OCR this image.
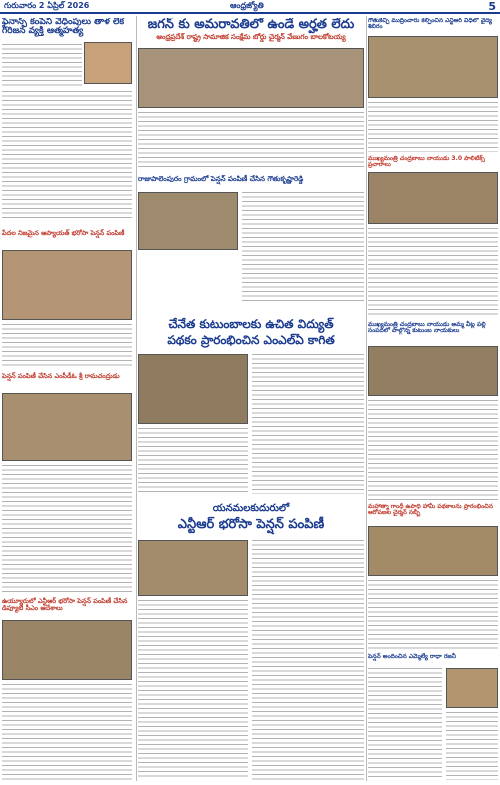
గురువారం 2 ఏప్రిల్ 2026	ఆంధ్రజ్యోతి	5
ఫైనాన్స్ కంపెనీ వేధింపులు తాళ లేక గిరిజన వ్యక్తి ఆత్మహత్య
పేదల నిజమైన ఆప్యాయత్ భరోసా పెన్షన్ పంపిణీ
పెన్షన్ పంపిణీ చేసిన ఎంపీడీఓ శ్రీ రామచంద్రుడు
ఉయ్యూరులో ఎన్టీఆర్ భరోసా పెన్షన్ పంపిణీ చేసిన డిప్యూటీ సీఎం ఆదేశాలు
జగన్ కు అమరావతిలో ఉండే అర్హత లేదు
ఆంధ్రప్రదేశ్ రాష్ట్ర సామాజిక సంక్షేమ బోర్డు చైర్మన్ వేణుగం బాలకోటయ్య
రాజుపాలెంపురం గ్రామంలో పెన్షన్ పంపిణీ చేసిన గౌతుకృష్ణారెడ్డి
చేనేత కుటుంబాలకు ఉచిత విద్యుత్
పథకం ప్రారంభించిన ఎంఎల్ఏ కాగిత
యనమలకుదురులో
ఎన్టీఆర్ భరోసా పెన్షన్ పంపిణీ
గౌతుకెచ్చి ముద్రించారు కల్పించిన ఎన్టీఆర్ వీధిలో వైద్య శిబిరం
ముఖ్యమంత్రి చంద్రబాబు నాయుడు 3.0 పాలిటిక్స్ ప్రచారాలు
ముఖ్యమంత్రి చంద్రబాబు నాయుడు అమ్మ వీట్ల పల్లి సంపదలో పాల్గొన్న కుటుంబ నాయకులు
మహాత్మా గాంధీ ఉపాధి హామీ పథకాలను ప్రారంభించిన ఆరోపణల చైర్మన్ సబ్బీ
పెన్షన్ అందించిన ఎమ్మెల్యే రాధా రజనీ
